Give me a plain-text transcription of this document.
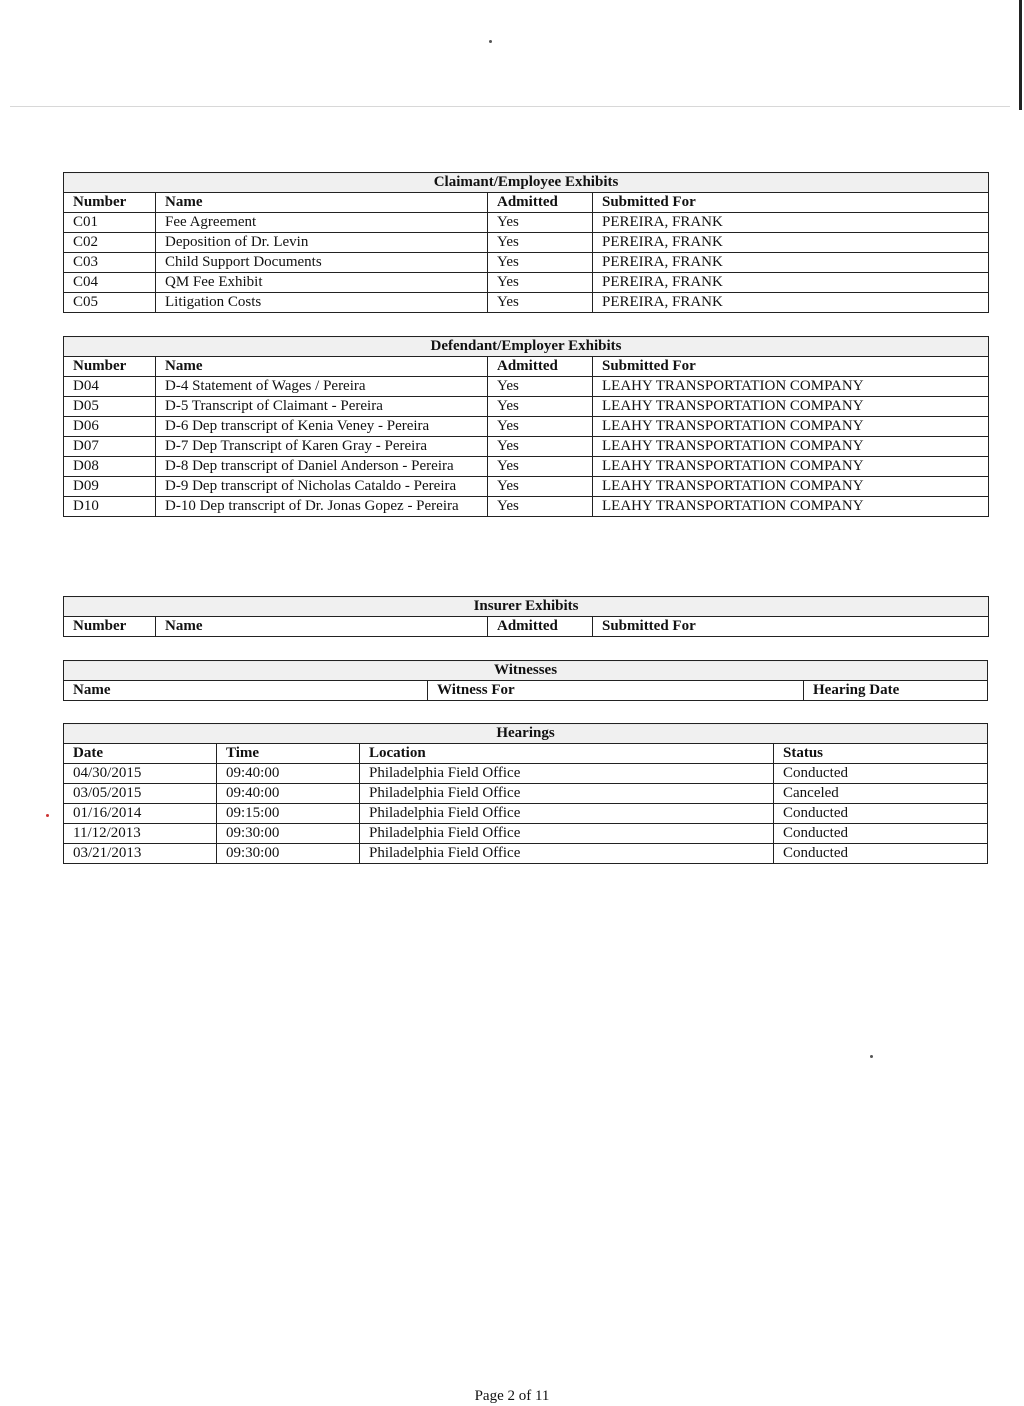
Claimant/Employee Exhibits			
Number	Name	Admitted	Submitted For
C01	Fee Agreement	Yes	PEREIRA, FRANK
C02	Deposition of Dr. Levin	Yes	PEREIRA, FRANK
C03	Child Support Documents	Yes	PEREIRA, FRANK
C04	QM Fee Exhibit	Yes	PEREIRA, FRANK
C05	Litigation Costs	Yes	PEREIRA, FRANK
Defendant/Employer Exhibits			
Number	Name	Admitted	Submitted For
D04	D-4 Statement of Wages / Pereira	Yes	LEAHY TRANSPORTATION COMPANY
D05	D-5 Transcript of Claimant - Pereira	Yes	LEAHY TRANSPORTATION COMPANY
D06	D-6 Dep transcript of Kenia Veney - Pereira	Yes	LEAHY TRANSPORTATION COMPANY
D07	D-7 Dep Transcript of Karen Gray - Pereira	Yes	LEAHY TRANSPORTATION COMPANY
D08	D-8 Dep transcript of Daniel Anderson - Pereira	Yes	LEAHY TRANSPORTATION COMPANY
D09	D-9 Dep transcript of Nicholas Cataldo - Pereira	Yes	LEAHY TRANSPORTATION COMPANY
D10	D-10 Dep transcript of Dr. Jonas Gopez - Pereira	Yes	LEAHY TRANSPORTATION COMPANY
Insurer Exhibits
Number	Name	Admitted	Submitted For
Witnesses
Name	Witness For	Hearing Date
Hearings			
Date	Time	Location	Status
04/30/2015	09:40:00	Philadelphia Field Office	Conducted
03/05/2015	09:40:00	Philadelphia Field Office	Canceled
01/16/2014	09:15:00	Philadelphia Field Office	Conducted
11/12/2013	09:30:00	Philadelphia Field Office	Conducted
03/21/2013	09:30:00	Philadelphia Field Office	Conducted
Page 2 of 11
